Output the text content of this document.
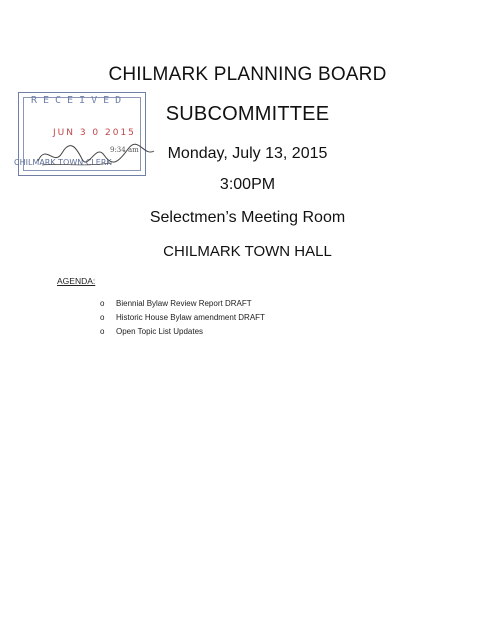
RECEIVED
JUN 3 0 2015
CHILMARK TOWN CLERK
9:34 am
CHILMARK PLANNING BOARD
SUBCOMMITTEE
Monday, July 13, 2015
3:00PM
Selectmen’s Meeting Room
CHILMARK TOWN HALL
AGENDA:
o	Biennial Bylaw Review Report DRAFT
o	Historic House Bylaw amendment DRAFT
o	Open Topic List Updates
